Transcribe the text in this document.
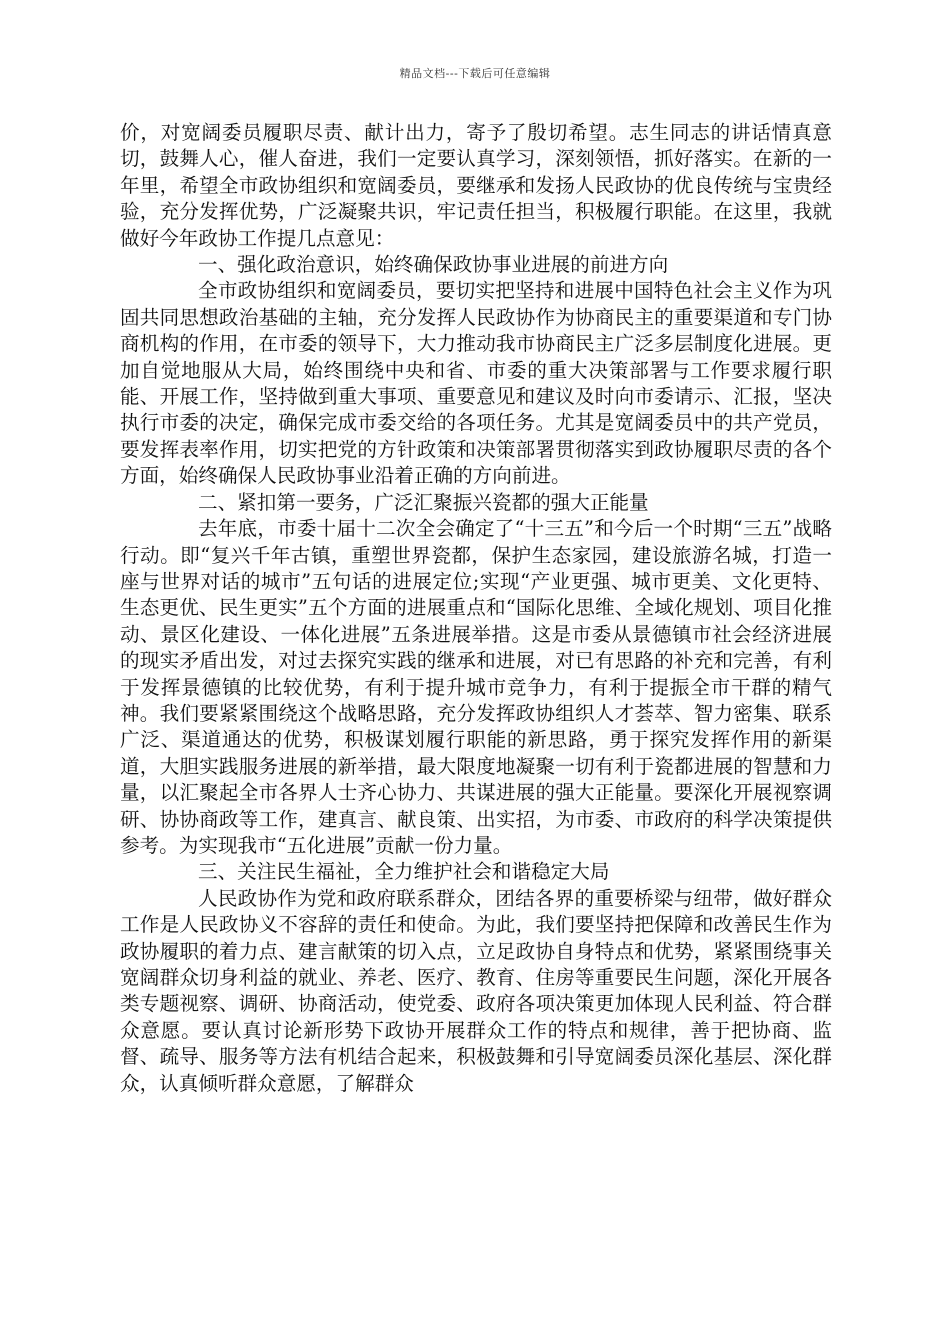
精品文档---下载后可任意编辑

价，对宽阔委员履职尽责、献计出力，寄予了殷切希望。志生同志的讲话情真意切，鼓舞人心，催人奋进，我们一定要认真学习，深刻领悟，抓好落实。在新的一年里，希望全市政协组织和宽阔委员，要继承和发扬人民政协的优良传统与宝贵经验，充分发挥优势，广泛凝聚共识，牢记责任担当，积极履行职能。在这里，我就做好今年政协工作提几点意见：

一、强化政治意识，始终确保政协事业进展的前进方向

全市政协组织和宽阔委员，要切实把坚持和进展中国特色社会主义作为巩固共同思想政治基础的主轴，充分发挥人民政协作为协商民主的重要渠道和专门协商机构的作用，在市委的领导下，大力推动我市协商民主广泛多层制度化进展。更加自觉地服从大局，始终围绕中央和省、市委的重大决策部署与工作要求履行职能、开展工作，坚持做到重大事项、重要意见和建议及时向市委请示、汇报，坚决执行市委的决定，确保完成市委交给的各项任务。尤其是宽阔委员中的共产党员，要发挥表率作用，切实把党的方针政策和决策部署贯彻落实到政协履职尽责的各个方面，始终确保人民政协事业沿着正确的方向前进。

二、紧扣第一要务，广泛汇聚振兴瓷都的强大正能量

去年底，市委十届十二次全会确定了“十三五”和今后一个时期“三五”战略行动。即“复兴千年古镇，重塑世界瓷都，保护生态家园，建设旅游名城，打造一座与世界对话的城市”五句话的进展定位;实现“产业更强、城市更美、文化更特、生态更优、民生更实”五个方面的进展重点和“国际化思维、全域化规划、项目化推动、景区化建设、一体化进展”五条进展举措。这是市委从景德镇市社会经济进展的现实矛盾出发，对过去探究实践的继承和进展，对已有思路的补充和完善，有利于发挥景德镇的比较优势，有利于提升城市竞争力，有利于提振全市干群的精气神。我们要紧紧围绕这个战略思路，充分发挥政协组织人才荟萃、智力密集、联系广泛、渠道通达的优势，积极谋划履行职能的新思路，勇于探究发挥作用的新渠道，大胆实践服务进展的新举措，最大限度地凝聚一切有利于瓷都进展的智慧和力量，以汇聚起全市各界人士齐心协力、共谋进展的强大正能量。要深化开展视察调研、协协商政等工作，建真言、献良策、出实招，为市委、市政府的科学决策提供参考。为实现我市“五化进展”贡献一份力量。

三、关注民生福祉，全力维护社会和谐稳定大局

人民政协作为党和政府联系群众，团结各界的重要桥梁与纽带，做好群众工作是人民政协义不容辞的责任和使命。为此，我们要坚持把保障和改善民生作为政协履职的着力点、建言献策的切入点，立足政协自身特点和优势，紧紧围绕事关宽阔群众切身利益的就业、养老、医疗、教育、住房等重要民生问题，深化开展各类专题视察、调研、协商活动，使党委、政府各项决策更加体现人民利益、符合群众意愿。要认真讨论新形势下政协开展群众工作的特点和规律，善于把协商、监督、疏导、服务等方法有机结合起来，积极鼓舞和引导宽阔委员深化基层、深化群众，认真倾听群众意愿，了解群众
